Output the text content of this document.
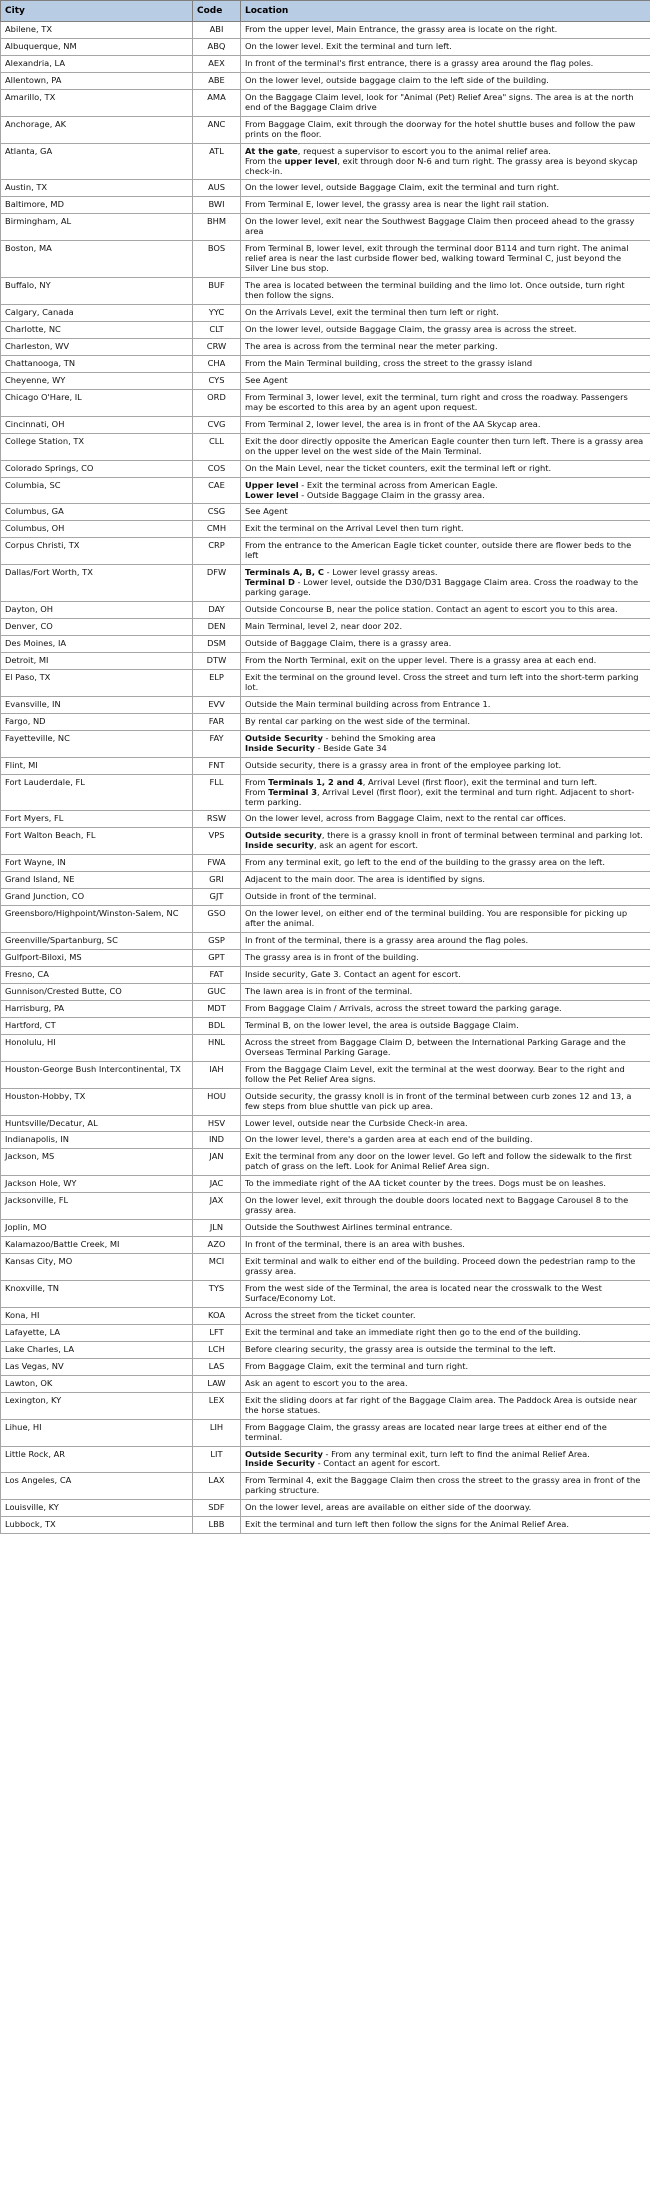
City	Code	Location
Abilene, TX	ABI	From the upper level, Main Entrance, the grassy area is locate on the right.
Albuquerque, NM	ABQ	On the lower level. Exit the terminal and turn left.
Alexandria, LA	AEX	In front of the terminal's first entrance, there is a grassy area around the flag poles.
Allentown, PA	ABE	On the lower level, outside baggage claim to the left side of the building.
Amarillo, TX	AMA	On the Baggage Claim level, look for "Animal (Pet) Relief Area" signs. The area is at the north end of the Baggage Claim drive
Anchorage, AK	ANC	From Baggage Claim, exit through the doorway for the hotel shuttle buses and follow the paw prints on the floor.
Atlanta, GA	ATL	At the gate, request a supervisor to escort you to the animal relief area.
From the upper level, exit through door N-6 and turn right. The grassy area is beyond skycap check-in.
Austin, TX	AUS	On the lower level, outside Baggage Claim, exit the terminal and turn right.
Baltimore, MD	BWI	From Terminal E, lower level, the grassy area is near the light rail station.
Birmingham, AL	BHM	On the lower level, exit near the Southwest Baggage Claim then proceed ahead to the grassy area
Boston, MA	BOS	From Terminal B, lower level, exit through the terminal door B114 and turn right. The animal relief area is near the last curbside flower bed, walking toward Terminal C, just beyond the Silver Line bus stop.
Buffalo, NY	BUF	The area is located between the terminal building and the limo lot. Once outside, turn right then follow the signs.
Calgary, Canada	YYC	On the Arrivals Level, exit the terminal then turn left or right.
Charlotte, NC	CLT	On the lower level, outside Baggage Claim, the grassy area is across the street.
Charleston, WV	CRW	The area is across from the terminal near the meter parking.
Chattanooga, TN	CHA	From the Main Terminal building, cross the street to the grassy island
Cheyenne, WY	CYS	See Agent
Chicago O'Hare, IL	ORD	From Terminal 3, lower level, exit the terminal, turn right and cross the roadway. Passengers may be escorted to this area by an agent upon request.
Cincinnati, OH	CVG	From Terminal 2, lower level, the area is in front of the AA Skycap area.
College Station, TX	CLL	Exit the door directly opposite the American Eagle counter then turn left. There is a grassy area on the upper level on the west side of the Main Terminal.
Colorado Springs, CO	COS	On the Main Level, near the ticket counters, exit the terminal left or right.
Columbia, SC	CAE	Upper level - Exit the terminal across from American Eagle.
Lower level - Outside Baggage Claim in the grassy area.
Columbus, GA	CSG	See Agent
Columbus, OH	CMH	Exit the terminal on the Arrival Level then turn right.
Corpus Christi, TX	CRP	From the entrance to the American Eagle ticket counter, outside there are flower beds to the left
Dallas/Fort Worth, TX	DFW	Terminals A, B, C - Lower level grassy areas.
Terminal D - Lower level, outside the D30/D31 Baggage Claim area. Cross the roadway to the parking garage.
Dayton, OH	DAY	Outside Concourse B, near the police station. Contact an agent to escort you to this area.
Denver, CO	DEN	Main Terminal, level 2, near door 202.
Des Moines, IA	DSM	Outside of Baggage Claim, there is a grassy area.
Detroit, MI	DTW	From the North Terminal, exit on the upper level. There is a grassy area at each end.
El Paso, TX	ELP	Exit the terminal on the ground level. Cross the street and turn left into the short-term parking lot.
Evansville, IN	EVV	Outside the Main terminal building across from Entrance 1.
Fargo, ND	FAR	By rental car parking on the west side of the terminal.
Fayetteville, NC	FAY	Outside Security - behind the Smoking area
Inside Security - Beside Gate 34
Flint, MI	FNT	Outside security, there is a grassy area in front of the employee parking lot.
Fort Lauderdale, FL	FLL	From Terminals 1, 2 and 4, Arrival Level (first floor), exit the terminal and turn left.
From Terminal 3, Arrival Level (first floor), exit the terminal and turn right. Adjacent to short-term parking.
Fort Myers, FL	RSW	On the lower level, across from Baggage Claim, next to the rental car offices.
Fort Walton Beach, FL	VPS	Outside security, there is a grassy knoll in front of terminal between terminal and parking lot.
Inside security, ask an agent for escort.
Fort Wayne, IN	FWA	From any terminal exit, go left to the end of the building to the grassy area on the left.
Grand Island, NE	GRI	Adjacent to the main door. The area is identified by signs.
Grand Junction, CO	GJT	Outside in front of the terminal.
Greensboro/Highpoint/Winston-Salem, NC	GSO	On the lower level, on either end of the terminal building. You are responsible for picking up after the animal.
Greenville/Spartanburg, SC	GSP	In front of the terminal, there is a grassy area around the flag poles.
Gulfport-Biloxi, MS	GPT	The grassy area is in front of the building.
Fresno, CA	FAT	Inside security, Gate 3. Contact an agent for escort.
Gunnison/Crested Butte, CO	GUC	The lawn area is in front of the terminal.
Harrisburg, PA	MDT	From Baggage Claim / Arrivals, across the street toward the parking garage.
Hartford, CT	BDL	Terminal B, on the lower level, the area is outside Baggage Claim.
Honolulu, HI	HNL	Across the street from Baggage Claim D, between the International Parking Garage and the Overseas Terminal Parking Garage.
Houston-George Bush Intercontinental, TX	IAH	From the Baggage Claim Level, exit the terminal at the west doorway. Bear to the right and follow the Pet Relief Area signs.
Houston-Hobby, TX	HOU	Outside security, the grassy knoll is in front of the terminal between curb zones 12 and 13, a few steps from blue shuttle van pick up area.
Huntsville/Decatur, AL	HSV	Lower level, outside near the Curbside Check-in area.
Indianapolis, IN	IND	On the lower level, there's a garden area at each end of the building.
Jackson, MS	JAN	Exit the terminal from any door on the lower level. Go left and follow the sidewalk to the first patch of grass on the left. Look for Animal Relief Area sign.
Jackson Hole, WY	JAC	To the immediate right of the AA ticket counter by the trees. Dogs must be on leashes.
Jacksonville, FL	JAX	On the lower level, exit through the double doors located next to Baggage Carousel 8 to the grassy area.
Joplin, MO	JLN	Outside the Southwest Airlines terminal entrance.
Kalamazoo/Battle Creek, MI	AZO	In front of the terminal, there is an area with bushes.
Kansas City, MO	MCI	Exit terminal and walk to either end of the building. Proceed down the pedestrian ramp to the grassy area.
Knoxville, TN	TYS	From the west side of the Terminal, the area is located near the crosswalk to the West Surface/Economy Lot.
Kona, HI	KOA	Across the street from the ticket counter.
Lafayette, LA	LFT	Exit the terminal and take an immediate right then go to the end of the building.
Lake Charles, LA	LCH	Before clearing security, the grassy area is outside the terminal to the left.
Las Vegas, NV	LAS	From Baggage Claim, exit the terminal and turn right.
Lawton, OK	LAW	Ask an agent to escort you to the area.
Lexington, KY	LEX	Exit the sliding doors at far right of the Baggage Claim area. The Paddock Area is outside near the horse statues.
Lihue, HI	LIH	From Baggage Claim, the grassy areas are located near large trees at either end of the terminal.
Little Rock, AR	LIT	Outside Security - From any terminal exit, turn left to find the animal Relief Area.
Inside Security - Contact an agent for escort.
Los Angeles, CA	LAX	From Terminal 4, exit the Baggage Claim then cross the street to the grassy area in front of the parking structure.
Louisville, KY	SDF	On the lower level, areas are available on either side of the doorway.
Lubbock, TX	LBB	Exit the terminal and turn left then follow the signs for the Animal Relief Area.
